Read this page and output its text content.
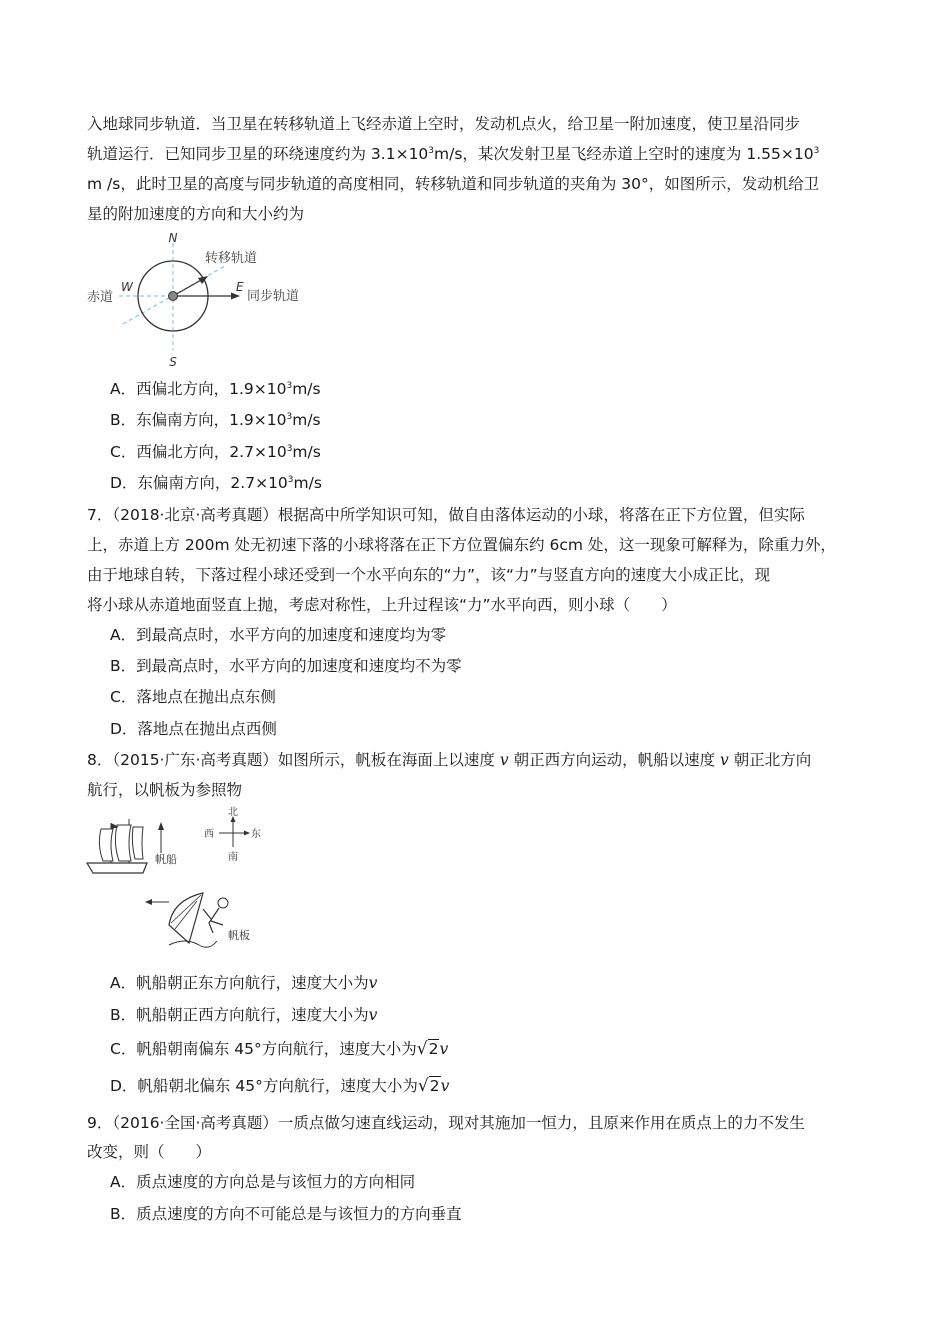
入地球同步轨道．当卫星在转移轨道上飞经赤道上空时，发动机点火，给卫星一附加速度，使卫星沿同步
轨道运行．已知同步卫星的环绕速度约为 $3.1\times 10^3m/s$，某次发射卫星飞经赤道上空时的速度为 $1.55\times 10^3$
m /s，此时卫星的高度与同步轨道的高度相同，转移轨道和同步轨道的夹角为 30°，如图所示，发动机给卫
星的附加速度的方向和大小约为
N
S
W	E
转移轨道
赤道	同步轨道
A．西偏北方向，$1.9\times 10^3m/s$
B．东偏南方向，$1.9\times 10^3m/s$
C．西偏北方向，$2.7\times 10^3m/s$
D．东偏南方向，$2.7\times 10^3m/s$
7．（2018·北京·高考真题）根据高中所学知识可知，做自由落体运动的小球，将落在正下方位置，但实际
上，赤道上方 200m 处无初速下落的小球将落在正下方位置偏东约 6cm 处，这一现象可解释为，除重力外，
由于地球自转，下落过程小球还受到一个水平向东的“力”，该“力”与竖直方向的速度大小成正比，现
将小球从赤道地面竖直上抛，考虑对称性，上升过程该“力”水平向西，则小球（　　）
A．到最高点时，水平方向的加速度和速度均为零
B．到最高点时，水平方向的加速度和速度均不为零
C．落地点在抛出点东侧
D．落地点在抛出点西侧
8．（2015·广东·高考真题）如图所示，帆板在海面上以速度 v 朝正西方向运动，帆船以速度 v 朝正北方向
航行，以帆板为参照物
帆船
北
南
西	东
帆板
A．帆船朝正东方向航行，速度大小为v
B．帆船朝正西方向航行，速度大小为v
C．帆船朝南偏东 45°方向航行，速度大小为√2v
D．帆船朝北偏东 45°方向航行，速度大小为√2v
9．（2016·全国·高考真题）一质点做匀速直线运动，现对其施加一恒力，且原来作用在质点上的力不发生
改变，则（　　）
A．质点速度的方向总是与该恒力的方向相同
B．质点速度的方向不可能总是与该恒力的方向垂直
